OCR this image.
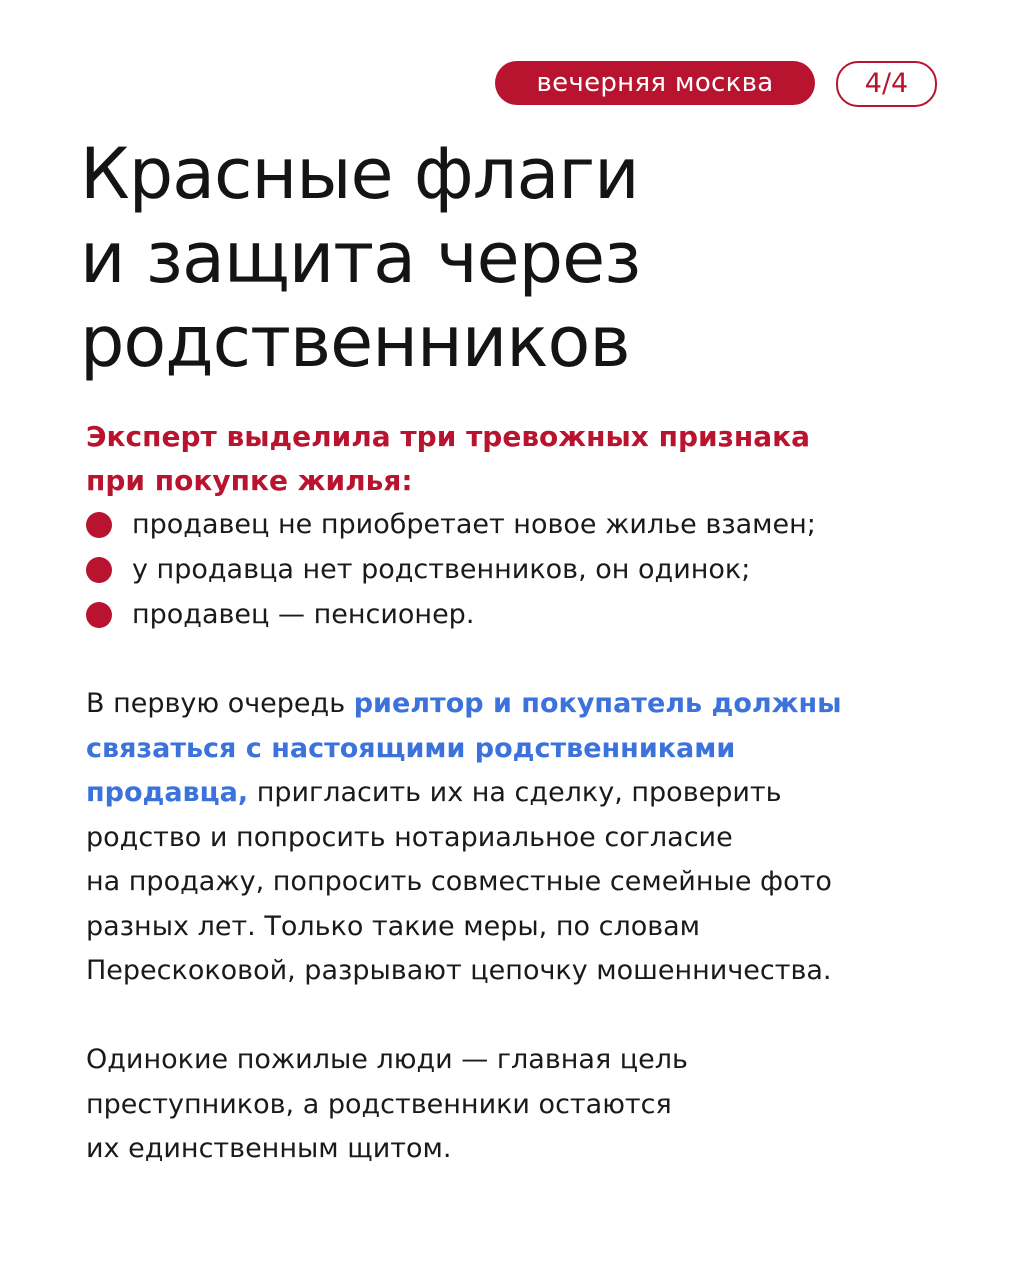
вечерняя москва	4/4
Красные флаги
и защита через
родственников
Эксперт выделила три тревожных признака
при покупке жилья:
продавец не приобретает новое жилье взамен;
у продавца нет родственников, он одинок;
продавец — пенсионер.

В первую очередь риелтор и покупатель должны
связаться с настоящими родственниками
продавца, пригласить их на сделку, проверить
родство и попросить нотариальное согласие
на продажу, попросить совместные семейные фото
разных лет. Только такие меры, по словам
Перескоковой, разрывают цепочку мошенничества.

Одинокие пожилые люди — главная цель
преступников, а родственники остаются
их единственным щитом.
